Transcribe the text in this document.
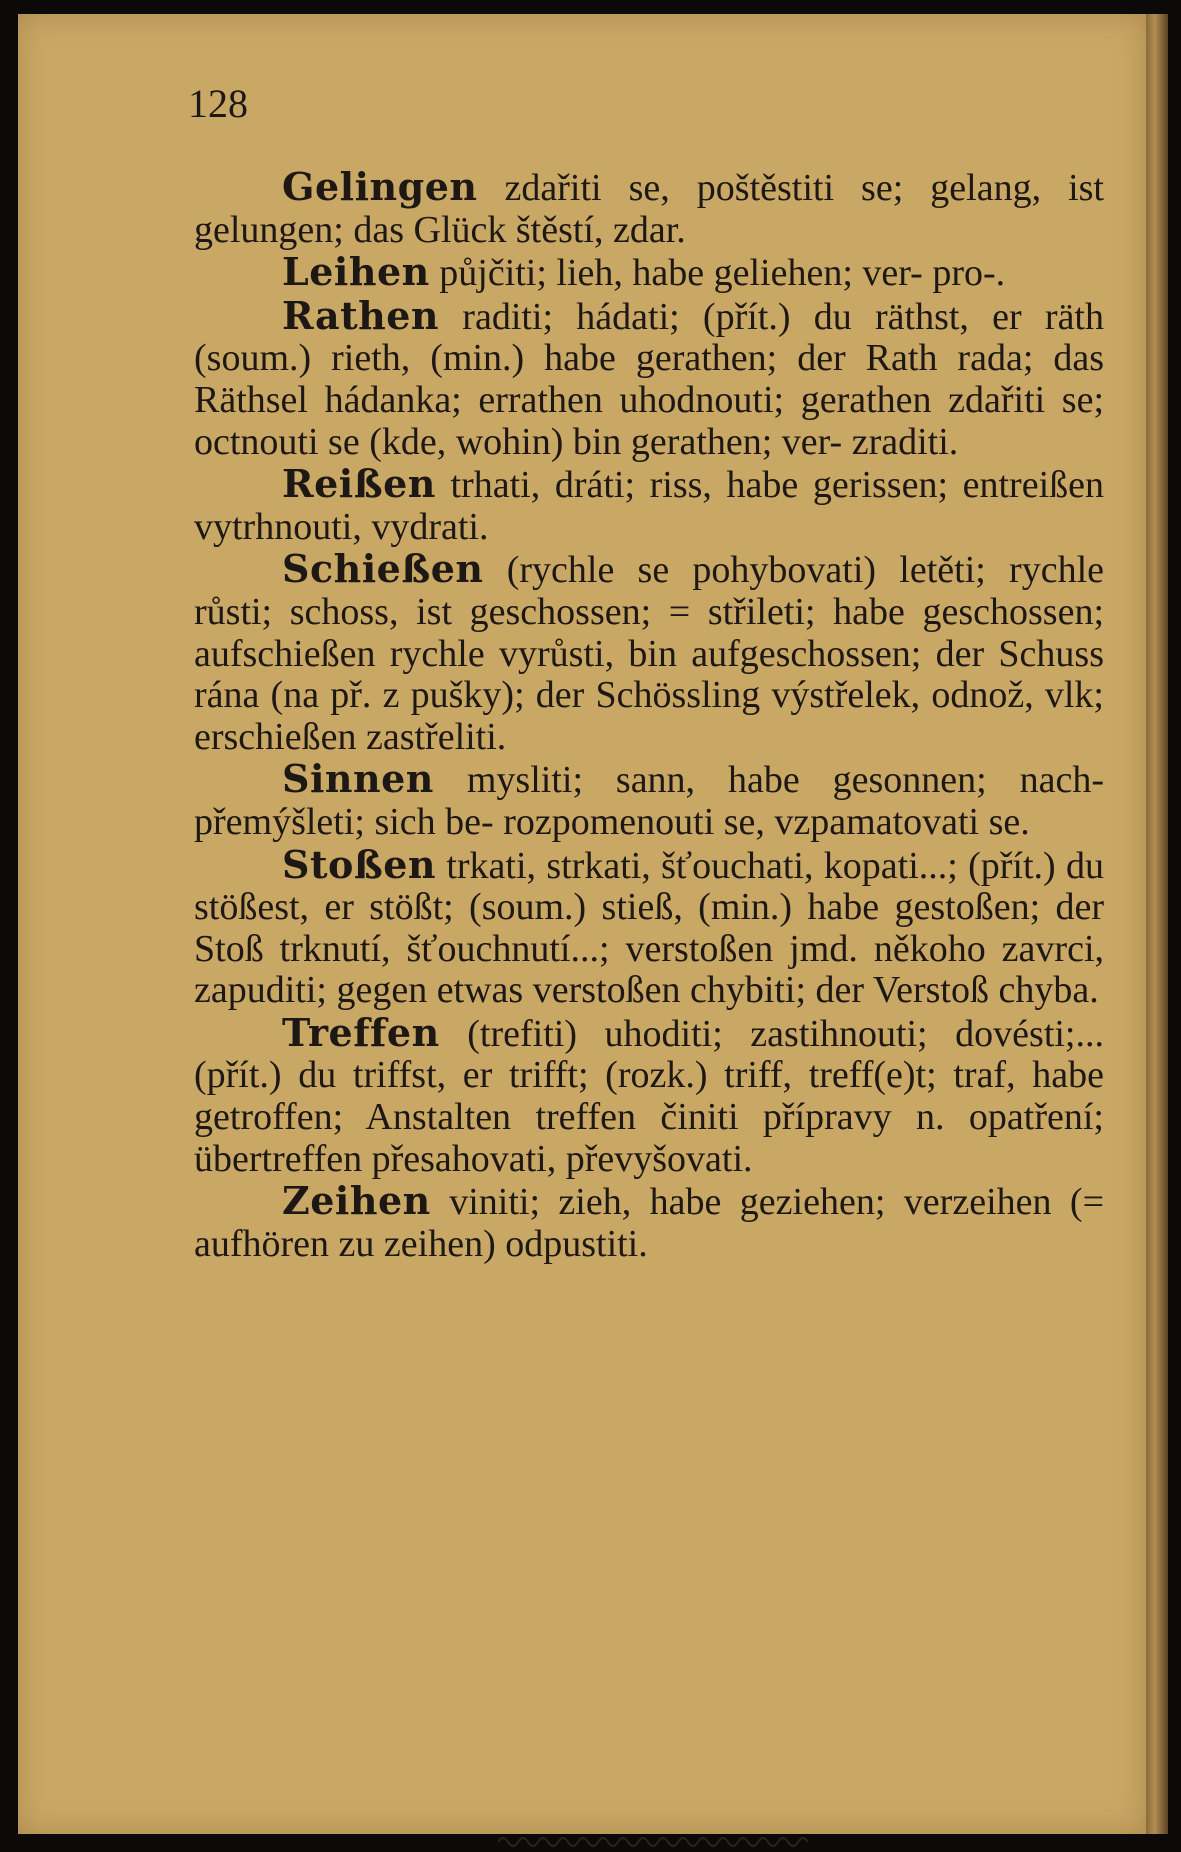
128

Gelingen zdařiti se, poštěstiti se; gelang, ist gelungen; das Glück štěstí, zdar.

Leihen půjčiti; lieh, habe geliehen; ver- pro-.

Rathen raditi; hádati; (přít.) du räthst, er räth (soum.) rieth, (min.) habe gerathen; der Rath rada; das Räthsel hádanka; errathen uhodnouti; gerathen zdařiti se; octnouti se (kde, wohin) bin gerathen; ver- zraditi.

Reißen trhati, dráti; riss, habe gerissen; entreißen vytrhnouti, vydrati.

Schießen (rychle se pohybovati) letěti; rychle růsti; schoss, ist geschossen; = střileti; habe geschossen; aufschießen rychle vyrůsti, bin aufgeschossen; der Schuss rána (na př. z pušky); der Schössling výstřelek, odnož, vlk; erschießen zastřeliti.

Sinnen mysliti; sann, habe gesonnen; nach- přemýšleti; sich be- rozpomenouti se, vzpamatovati se.

Stoßen trkati, strkati, šťouchati, kopati...; (přít.) du stößest, er stößt; (soum.) stieß, (min.) habe gestoßen; der Stoß trknutí, šťouchnutí...; verstoßen jmd. někoho zavrci, zapuditi; gegen etwas verstoßen chybiti; der Verstoß chyba.

Treffen (trefiti) uhoditi; zastihnouti; dovésti;... (přít.) du triffst, er trifft; (rozk.) triff, treff(e)t; traf, habe getroffen; Anstalten treffen činiti přípravy n. opatření; übertreffen přesahovati, převyšovati.

Zeihen viniti; zieh, habe geziehen; verzeihen (= aufhören zu zeihen) odpustiti.
